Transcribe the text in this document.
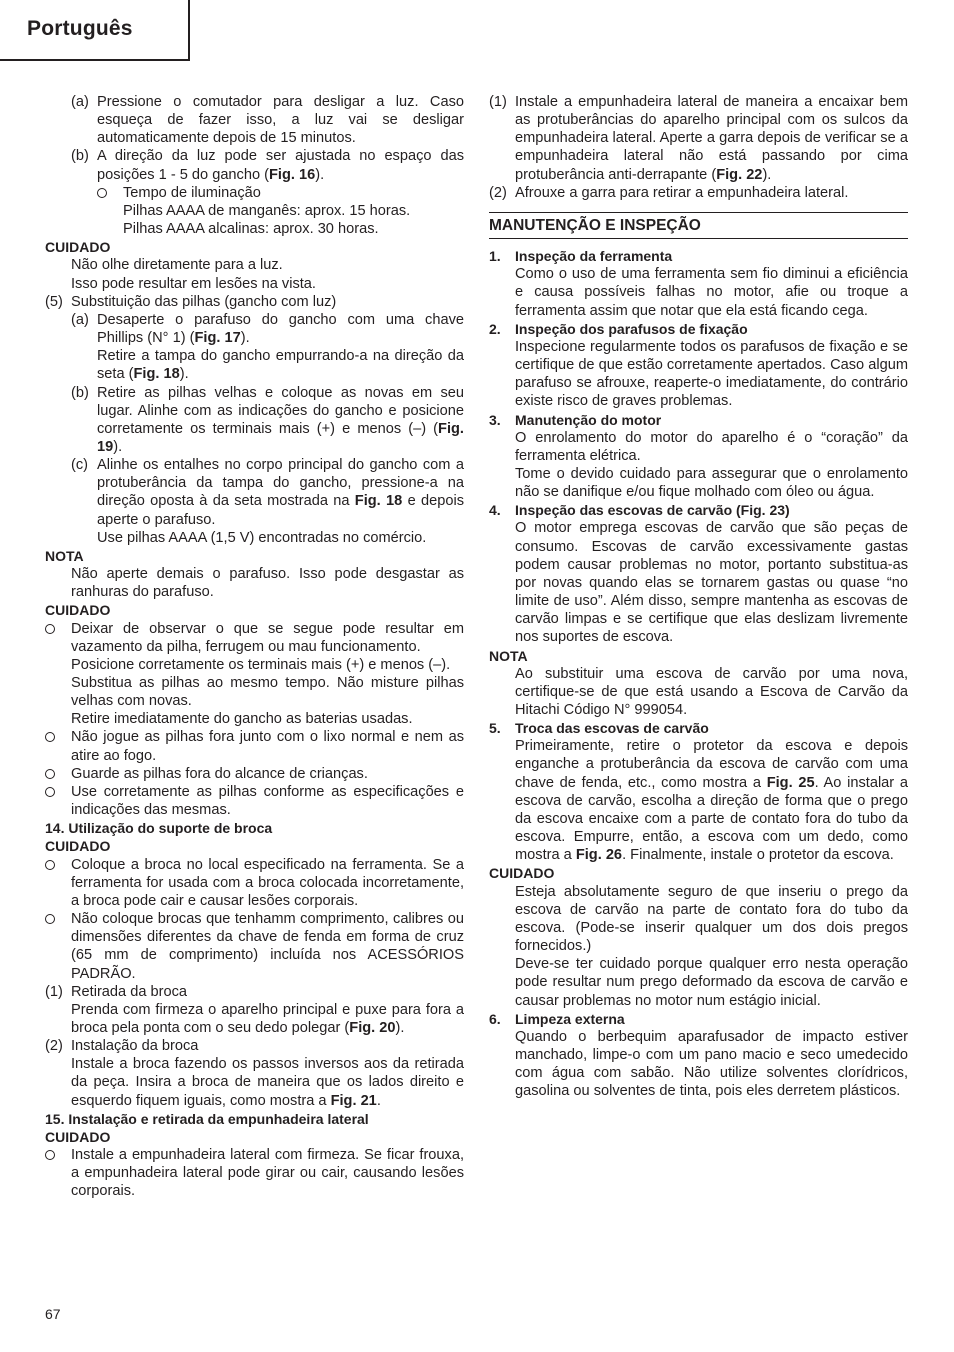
Português
(a) Pressione o comutador para desligar a luz. Caso esqueça de fazer isso, a luz vai se desligar automaticamente depois de 15 minutos.

(b) A direção da luz pode ser ajustada no espaço das posições 1 - 5 do gancho (Fig. 16).

Tempo de iluminação

Pilhas AAAA de manganês: aprox. 15 horas.

Pilhas AAAA alcalinas: aprox. 30 horas.

CUIDADO

Não olhe diretamente para a luz.

Isso pode resultar em lesões na vista.

(5) Substituição das pilhas (gancho com luz)

(a) Desaperte o parafuso do gancho com uma chave Phillips (N° 1) (Fig. 17).

Retire a tampa do gancho empurrando-a na direção da seta (Fig. 18).

(b) Retire as pilhas velhas e coloque as novas em seu lugar. Alinhe com as indicações do gancho e posicione corretamente os terminais mais (+) e menos (–) (Fig. 19).

(c) Alinhe os entalhes no corpo principal do gancho com a protuberância da tampa do gancho, pressione-a na direção oposta à da seta mostrada na Fig. 18 e depois aperte o parafuso.

Use pilhas AAAA (1,5 V) encontradas no comércio.

NOTA

Não aperte demais o parafuso. Isso pode desgastar as ranhuras do parafuso.

CUIDADO

Deixar de observar o que se segue pode resultar em vazamento da pilha, ferrugem ou mau funcionamento.

Posicione corretamente os terminais mais (+) e menos (–).

Substitua as pilhas ao mesmo tempo. Não misture pilhas velhas com novas.

Retire imediatamente do gancho as baterias usadas.

Não jogue as pilhas fora junto com o lixo normal e nem as atire ao fogo.

Guarde as pilhas fora do alcance de crianças.

Use corretamente as pilhas conforme as especificações e indicações das mesmas.

14. Utilização do suporte de broca

CUIDADO

Coloque a broca no local especificado na ferramenta. Se a ferramenta for usada com a broca colocada incorretamente, a broca pode cair e causar lesões corporais.

Não coloque brocas que tenhamm comprimento, calibres ou dimensões diferentes da chave de fenda em forma de cruz (65 mm de comprimento) incluída nos ACESSÓRIOS PADRÃO.

(1) Retirada da broca

Prenda com firmeza o aparelho principal e puxe para fora a broca pela ponta com o seu dedo polegar (Fig. 20).

(2) Instalação da broca

Instale a broca fazendo os passos inversos aos da retirada da peça. Insira a broca de maneira que os lados direito e esquerdo fiquem iguais, como mostra a Fig. 21.

15. Instalação e retirada da empunhadeira lateral

CUIDADO

Instale a empunhadeira lateral com firmeza. Se ficar frouxa, a empunhadeira lateral pode girar ou cair, causando lesões corporais.

(1) Instale a empunhadeira lateral de maneira a encaixar bem as protuberâncias do aparelho principal com os sulcos da empunhadeira lateral. Aperte a garra depois de verificar se a empunhadeira lateral não está passando por cima protuberância anti-derrapante (Fig. 22).

(2) Afrouxe a garra para retirar a empunhadeira lateral.

MANUTENÇÃO E INSPEÇÃO
1.	Inspeção da ferramenta

Como o uso de uma ferramenta sem fio diminui a eficiência e causa possíveis falhas no motor, afie ou troque a ferramenta assim que notar que ela está ficando cega.

2.	Inspeção dos parafusos de fixação

Inspecione regularmente todos os parafusos de fixação e se certifique de que estão corretamente apertados. Caso algum parafuso se afrouxe, reaperte-o imediatamente, do contrário existe risco de graves problemas.

3.	Manutenção do motor

O enrolamento do motor do aparelho é o “coração” da ferramenta elétrica.

Tome o devido cuidado para assegurar que o enrolamento não se danifique e/ou fique molhado com óleo ou água.

4.	Inspeção das escovas de carvão (Fig. 23)

O motor emprega escovas de carvão que são peças de consumo. Escovas de carvão excessivamente gastas podem causar problemas no motor, portanto substitua-as por novas quando elas se tornarem gastas ou quase “no limite de uso”. Além disso, sempre mantenha as escovas de carvão limpas e se certifique que elas deslizam livremente nos suportes de escova.

NOTA

Ao substituir uma escova de carvão por uma nova, certifique-se de que está usando a Escova de Carvão da Hitachi Código N° 999054.

5.	Troca das escovas de carvão

Primeiramente, retire o protetor da escova e depois enganche a protuberância da escova de carvão com uma chave de fenda, etc., como mostra a Fig. 25. Ao instalar a escova de carvão, escolha a direção de forma que o prego da escova encaixe com a parte de contato fora do tubo da escova. Empurre, então, a escova com um dedo, como mostra a Fig. 26. Finalmente, instale o protetor da escova.

CUIDADO

Esteja absolutamente seguro de que inseriu o prego da escova de carvão na parte de contato fora do tubo da escova. (Pode-se inserir qualquer um dos dois pregos fornecidos.)

Deve-se ter cuidado porque qualquer erro nesta operação pode resultar num prego deformado da escova de carvão e causar problemas no motor num estágio inicial.

6.	Limpeza externa

Quando o berbequim aparafusador de impacto estiver manchado, limpe-o com um pano macio e seco umedecido com água com sabão. Não utilize solventes clorídricos, gasolina ou solventes de tinta, pois eles derretem plásticos.

67
